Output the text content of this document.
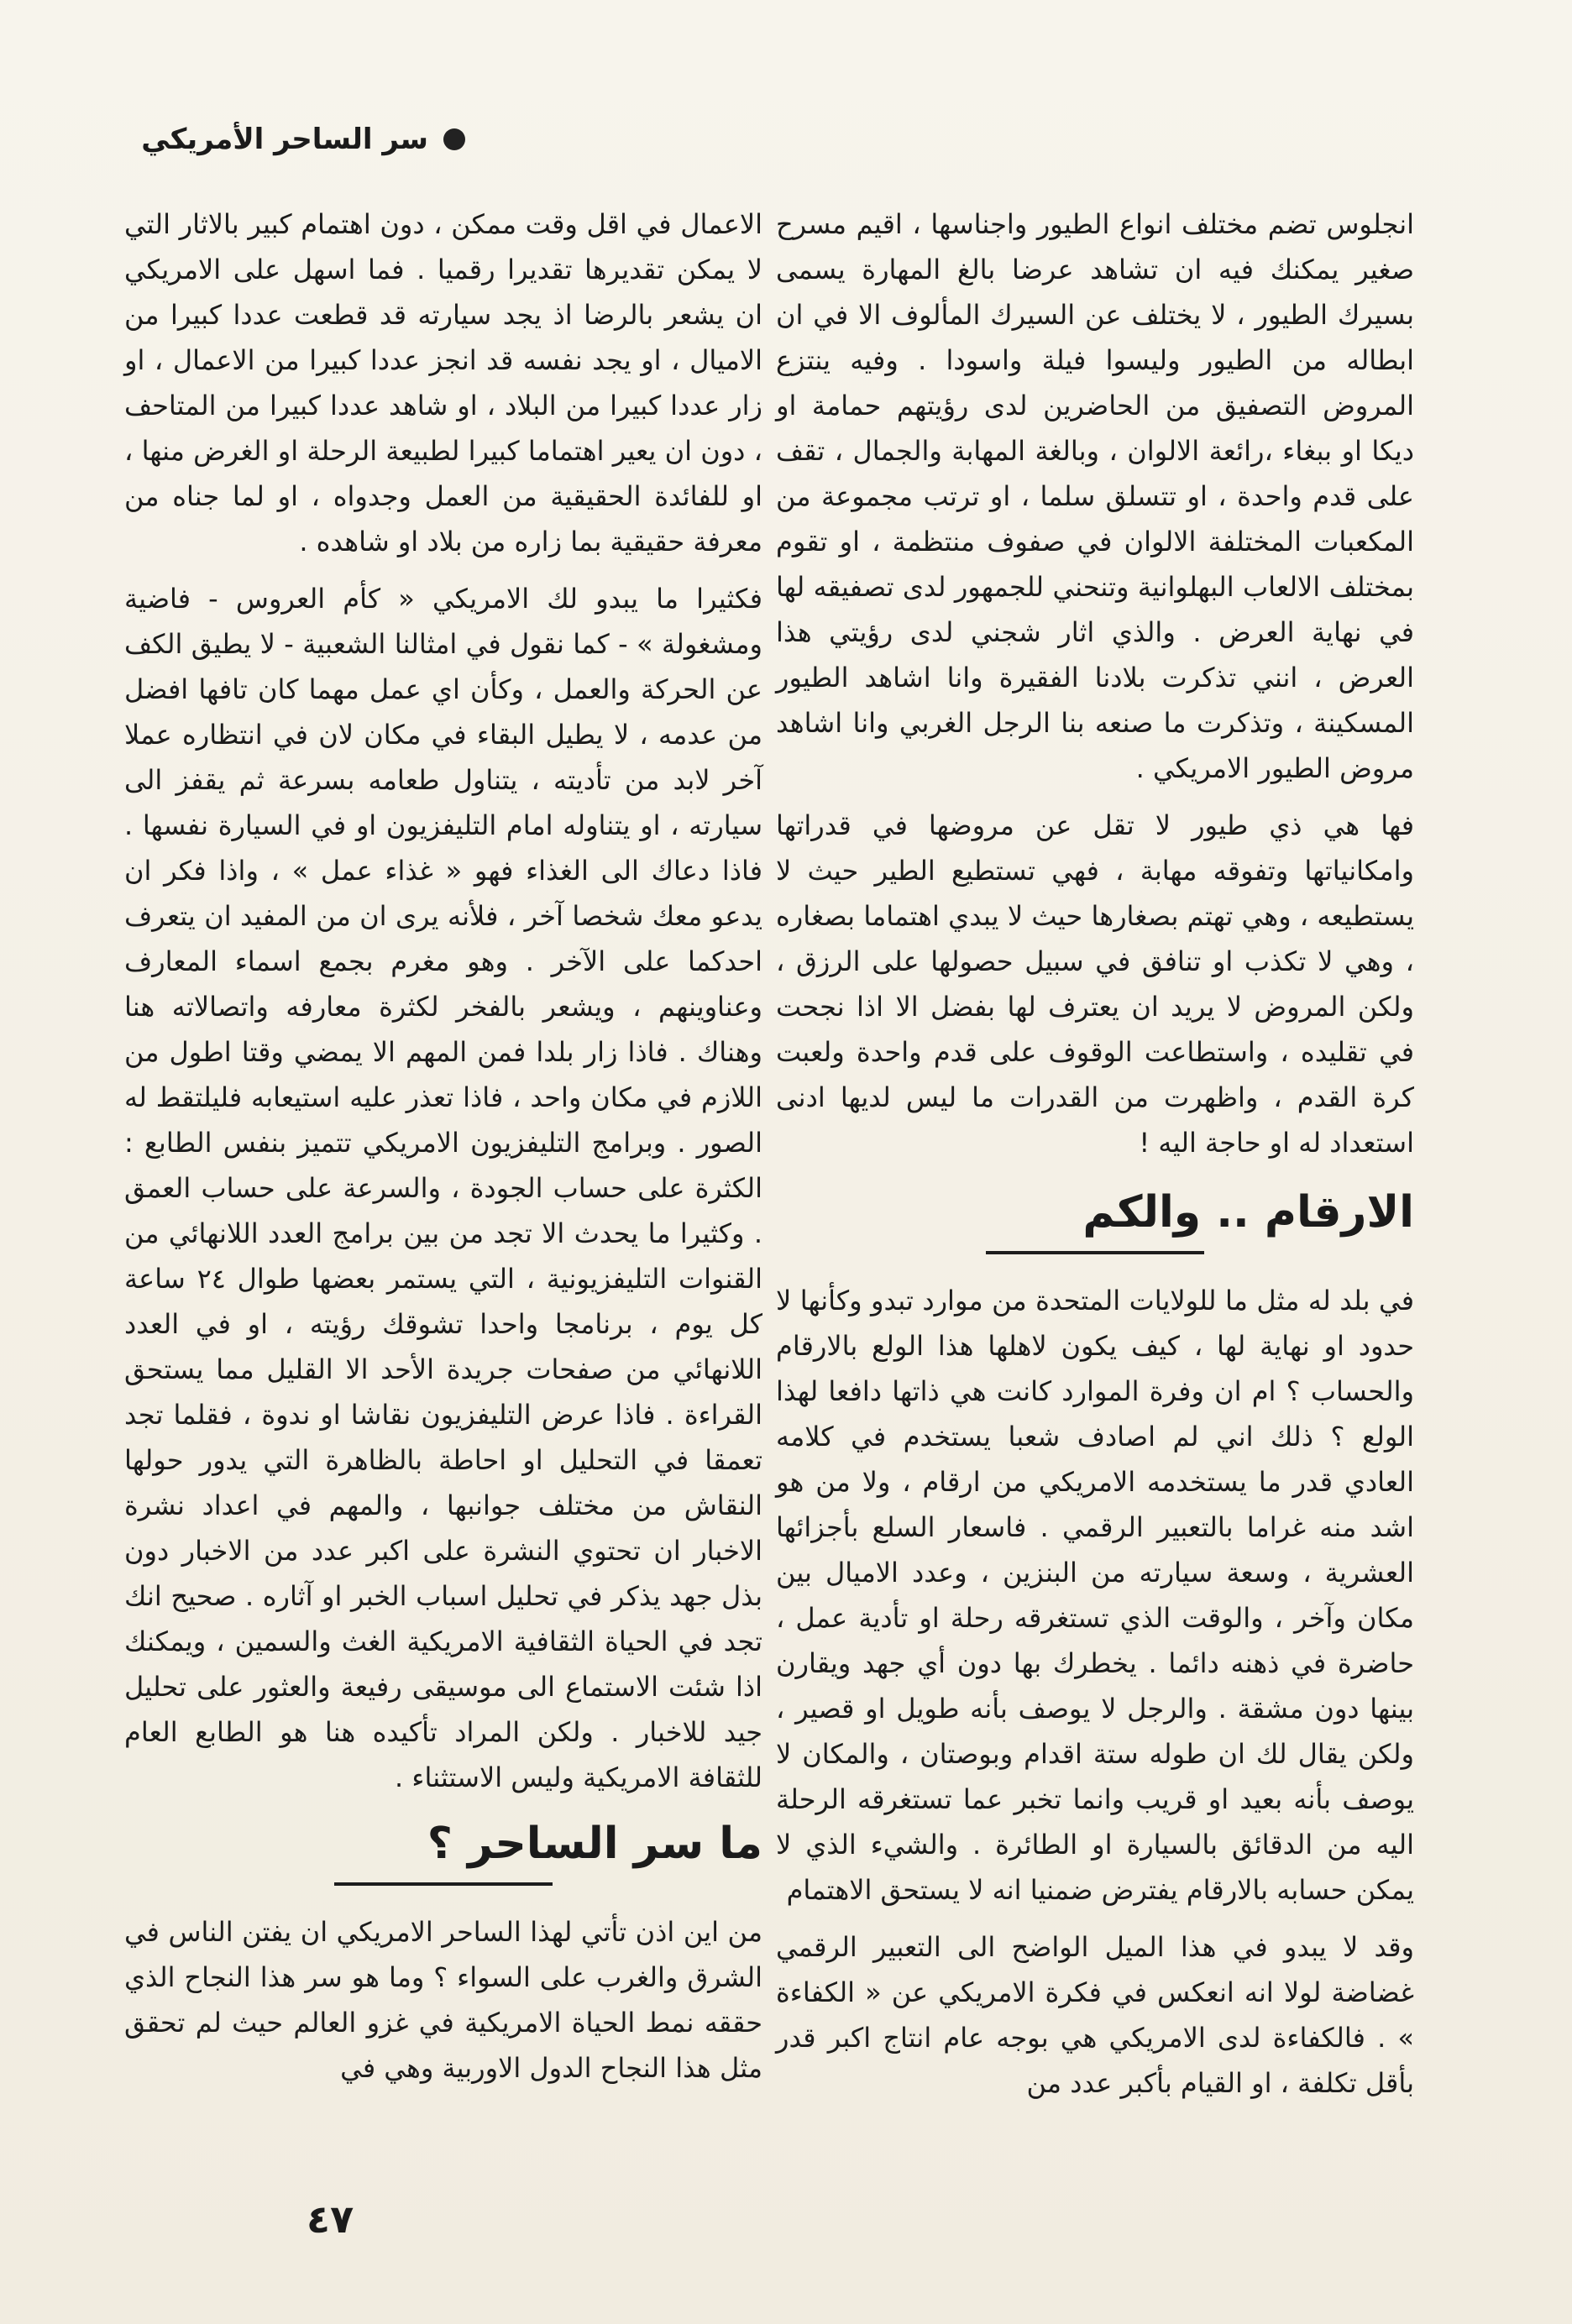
سر الساحر الأمريكي

انجلوس تضم مختلف انواع الطيور واجناسها ، اقيم مسرح صغير يمكنك فيه ان تشاهد عرضا بالغ المهارة يسمى بسيرك الطيور ، لا يختلف عن السيرك المألوف الا في ان ابطاله من الطيور وليسوا فيلة واسودا . وفيه ينتزع المروض التصفيق من الحاضرين لدى رؤيتهم حمامة او ديكا او ببغاء ،رائعة الالوان ، وبالغة المهابة والجمال ، تقف على قدم واحدة ، او تتسلق سلما ، او ترتب مجموعة من المكعبات المختلفة الالوان في صفوف منتظمة ، او تقوم بمختلف الالعاب البهلوانية وتنحني للجمهور لدى تصفيقه لها في نهاية العرض . والذي اثار شجني لدى رؤيتي هذا العرض ، انني تذكرت بلادنا الفقيرة وانا اشاهد الطيور المسكينة ، وتذكرت ما صنعه بنا الرجل الغربي وانا اشاهد مروض الطيور الامريكي .

فها هي ذي طيور لا تقل عن مروضها في قدراتها وامكانياتها وتفوقه مهابة ، فهي تستطيع الطير حيث لا يستطيعه ، وهي تهتم بصغارها حيث لا يبدي اهتماما بصغاره ، وهي لا تكذب او تنافق في سبيل حصولها على الرزق ، ولكن المروض لا يريد ان يعترف لها بفضل الا اذا نجحت في تقليده ، واستطاعت الوقوف على قدم واحدة ولعبت كرة القدم ، واظهرت من القدرات ما ليس لديها ادنى استعداد له او حاجة اليه !

الارقام .. والكم

في بلد له مثل ما للولايات المتحدة من موارد تبدو وكأنها لا حدود او نهاية لها ، كيف يكون لاهلها هذا الولع بالارقام والحساب ؟ ام ان وفرة الموارد كانت هي ذاتها دافعا لهذا الولع ؟ ذلك اني لم اصادف شعبا يستخدم في كلامه العادي قدر ما يستخدمه الامريكي من ارقام ، ولا من هو اشد منه غراما بالتعبير الرقمي . فاسعار السلع بأجزائها العشرية ، وسعة سيارته من البنزين ، وعدد الاميال بين مكان وآخر ، والوقت الذي تستغرقه رحلة او تأدية عمل ، حاضرة في ذهنه دائما . يخطرك بها دون أي جهد ويقارن بينها دون مشقة . والرجل لا يوصف بأنه طويل او قصير ، ولكن يقال لك ان طوله ستة اقدام وبوصتان ، والمكان لا يوصف بأنه بعيد او قريب وانما تخبر عما تستغرقه الرحلة اليه من الدقائق بالسيارة او الطائرة . والشيء الذي لا يمكن حسابه بالارقام يفترض ضمنيا انه لا يستحق الاهتمام

وقد لا يبدو في هذا الميل الواضح الى التعبير الرقمي غضاضة لولا انه انعكس في فكرة الامريكي عن « الكفاءة » . فالكفاءة لدى الامريكي هي بوجه عام انتاج اكبر قدر بأقل تكلفة ، او القيام بأكبر عدد من

الاعمال في اقل وقت ممكن ، دون اهتمام كبير بالاثار التي لا يمكن تقديرها تقديرا رقميا . فما اسهل على الامريكي ان يشعر بالرضا اذ يجد سيارته قد قطعت عددا كبيرا من الاميال ، او يجد نفسه قد انجز عددا كبيرا من الاعمال ، او زار عددا كبيرا من البلاد ، او شاهد عددا كبيرا من المتاحف ، دون ان يعير اهتماما كبيرا لطبيعة الرحلة او الغرض منها ، او للفائدة الحقيقية من العمل وجدواه ، او لما جناه من معرفة حقيقية بما زاره من بلاد او شاهده .

فكثيرا ما يبدو لك الامريكي « كأم العروس - فاضية ومشغولة » - كما نقول في امثالنا الشعبية - لا يطيق الكف عن الحركة والعمل ، وكأن اي عمل مهما كان تافها افضل من عدمه ، لا يطيل البقاء في مكان لان في انتظاره عملا آخر لابد من تأديته ، يتناول طعامه بسرعة ثم يقفز الى سيارته ، او يتناوله امام التليفزيون او في السيارة نفسها . فاذا دعاك الى الغذاء فهو « غذاء عمل » ، واذا فكر ان يدعو معك شخصا آخر ، فلأنه يرى ان من المفيد ان يتعرف احدكما على الآخر . وهو مغرم بجمع اسماء المعارف وعناوينهم ، ويشعر بالفخر لكثرة معارفه واتصالاته هنا وهناك . فاذا زار بلدا فمن المهم الا يمضي وقتا اطول من اللازم في مكان واحد ، فاذا تعذر عليه استيعابه فليلتقط له الصور . وبرامج التليفزيون الامريكي تتميز بنفس الطابع : الكثرة على حساب الجودة ، والسرعة على حساب العمق . وكثيرا ما يحدث الا تجد من بين برامج العدد اللانهائي من القنوات التليفزيونية ، التي يستمر بعضها طوال ٢٤ ساعة كل يوم ، برنامجا واحدا تشوقك رؤيته ، او في العدد اللانهائي من صفحات جريدة الأحد الا القليل مما يستحق القراءة . فاذا عرض التليفزيون نقاشا او ندوة ، فقلما تجد تعمقا في التحليل او احاطة بالظاهرة التي يدور حولها النقاش من مختلف جوانبها ، والمهم في اعداد نشرة الاخبار ان تحتوي النشرة على اكبر عدد من الاخبار دون بذل جهد يذكر في تحليل اسباب الخبر او آثاره . صحيح انك تجد في الحياة الثقافية الامريكية الغث والسمين ، ويمكنك اذا شئت الاستماع الى موسيقى رفيعة والعثور على تحليل جيد للاخبار . ولكن المراد تأكيده هنا هو الطابع العام للثقافة الامريكية وليس الاستثناء .

ما سر الساحر ؟

من اين اذن تأتي لهذا الساحر الامريكي ان يفتن الناس في الشرق والغرب على السواء ؟ وما هو سر هذا النجاح الذي حققه نمط الحياة الامريكية في غزو العالم حيث لم تحقق مثل هذا النجاح الدول الاوربية وهي في

٤٧
